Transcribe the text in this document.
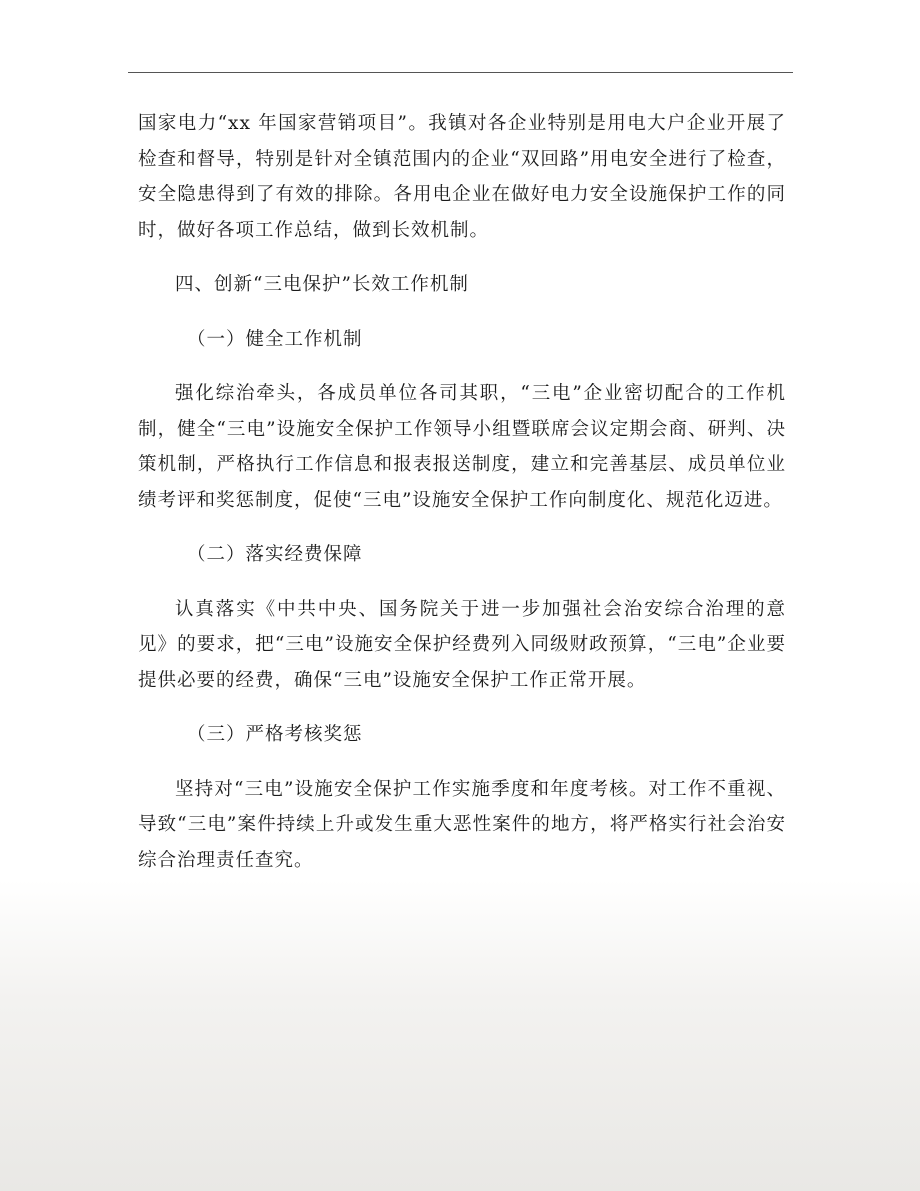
国家电力“xx 年国家营销项目”。我镇对各企业特别是用电大户企业开展了检查和督导，特别是针对全镇范围内的企业“双回路”用电安全进行了检查，安全隐患得到了有效的排除。各用电企业在做好电力安全设施保护工作的同时，做好各项工作总结，做到长效机制。

四、创新“三电保护”长效工作机制

（一）健全工作机制

强化综治牵头，各成员单位各司其职，“三电”企业密切配合的工作机制，健全“三电”设施安全保护工作领导小组暨联席会议定期会商、研判、决策机制，严格执行工作信息和报表报送制度，建立和完善基层、成员单位业绩考评和奖惩制度，促使“三电”设施安全保护工作向制度化、规范化迈进。

（二）落实经费保障

认真落实《中共中央、国务院关于进一步加强社会治安综合治理的意见》的要求，把“三电”设施安全保护经费列入同级财政预算，“三电”企业要提供必要的经费，确保“三电”设施安全保护工作正常开展。

（三）严格考核奖惩

坚持对“三电”设施安全保护工作实施季度和年度考核。对工作不重视、导致“三电”案件持续上升或发生重大恶性案件的地方，将严格实行社会治安综合治理责任查究。
